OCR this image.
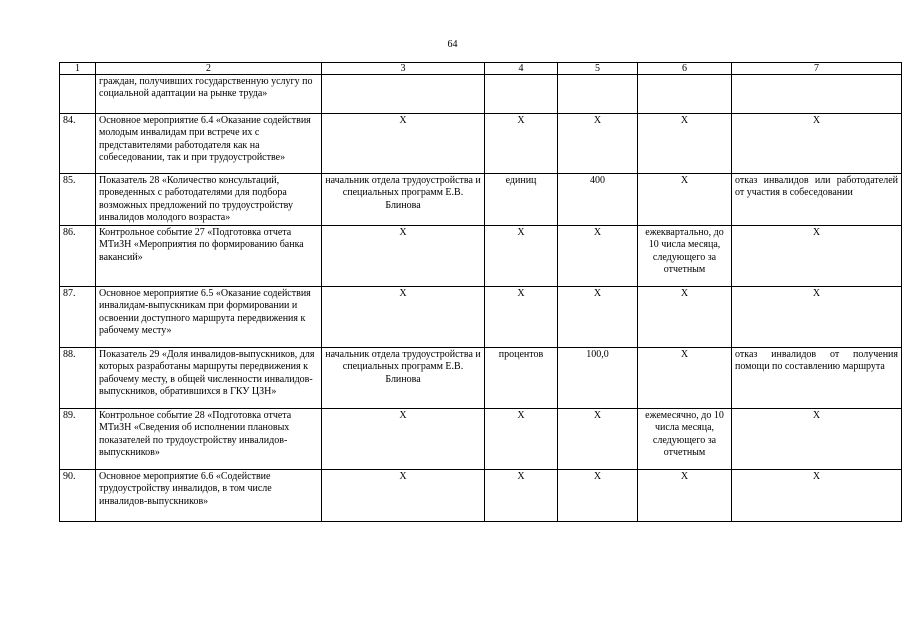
64
1	2	3	4	5	6	7
	граждан, получивших государственную услугу по социальной адаптации на рынке труда»					
84.	Основное мероприятие 6.4 «Оказание содействия молодым инвалидам при встрече их с представителями работодателя как на собеседовании, так и при трудоустройстве»	Х	Х	Х	Х	Х
85.	Показатель 28 «Количество консультаций, проведенных с работодателями для подбора возможных предложений по трудоустройству инвалидов молодого возраста»	начальник отдела трудоустройства и специальных программ Е.В. Блинова	единиц	400	Х	отказ инвалидов или работодателей от участия в собеседовании
86.	Контрольное событие 27 «Подготовка отчета МТиЗН «Мероприятия по формированию банка вакансий»	Х	Х	Х	ежеквартально, до 10 числа месяца, следующего за отчетным	Х
87.	Основное мероприятие 6.5 «Оказание содействия инвалидам-выпускникам при формировании и освоении доступного маршрута передвижения к рабочему месту»	Х	Х	Х	Х	Х
88.	Показатель 29 «Доля инвалидов-выпускников, для которых разработаны маршруты передвижения к рабочему месту, в общей численности инвалидов-выпускников, обратившихся в ГКУ ЦЗН»	начальник отдела трудоустройства и специальных программ Е.В. Блинова	процентов	100,0	Х	отказ инвалидов от получения помощи по составлению маршрута
89.	Контрольное событие 28 «Подготовка отчета МТиЗН «Сведения об исполнении плановых показателей по трудоустройству инвалидов-выпускников»	Х	Х	Х	ежемесячно, до 10 числа месяца, следующего за отчетным	Х
90.	Основное мероприятие 6.6 «Содействие трудоустройству инвалидов, в том числе инвалидов-выпускников»	Х	Х	Х	Х	Х
